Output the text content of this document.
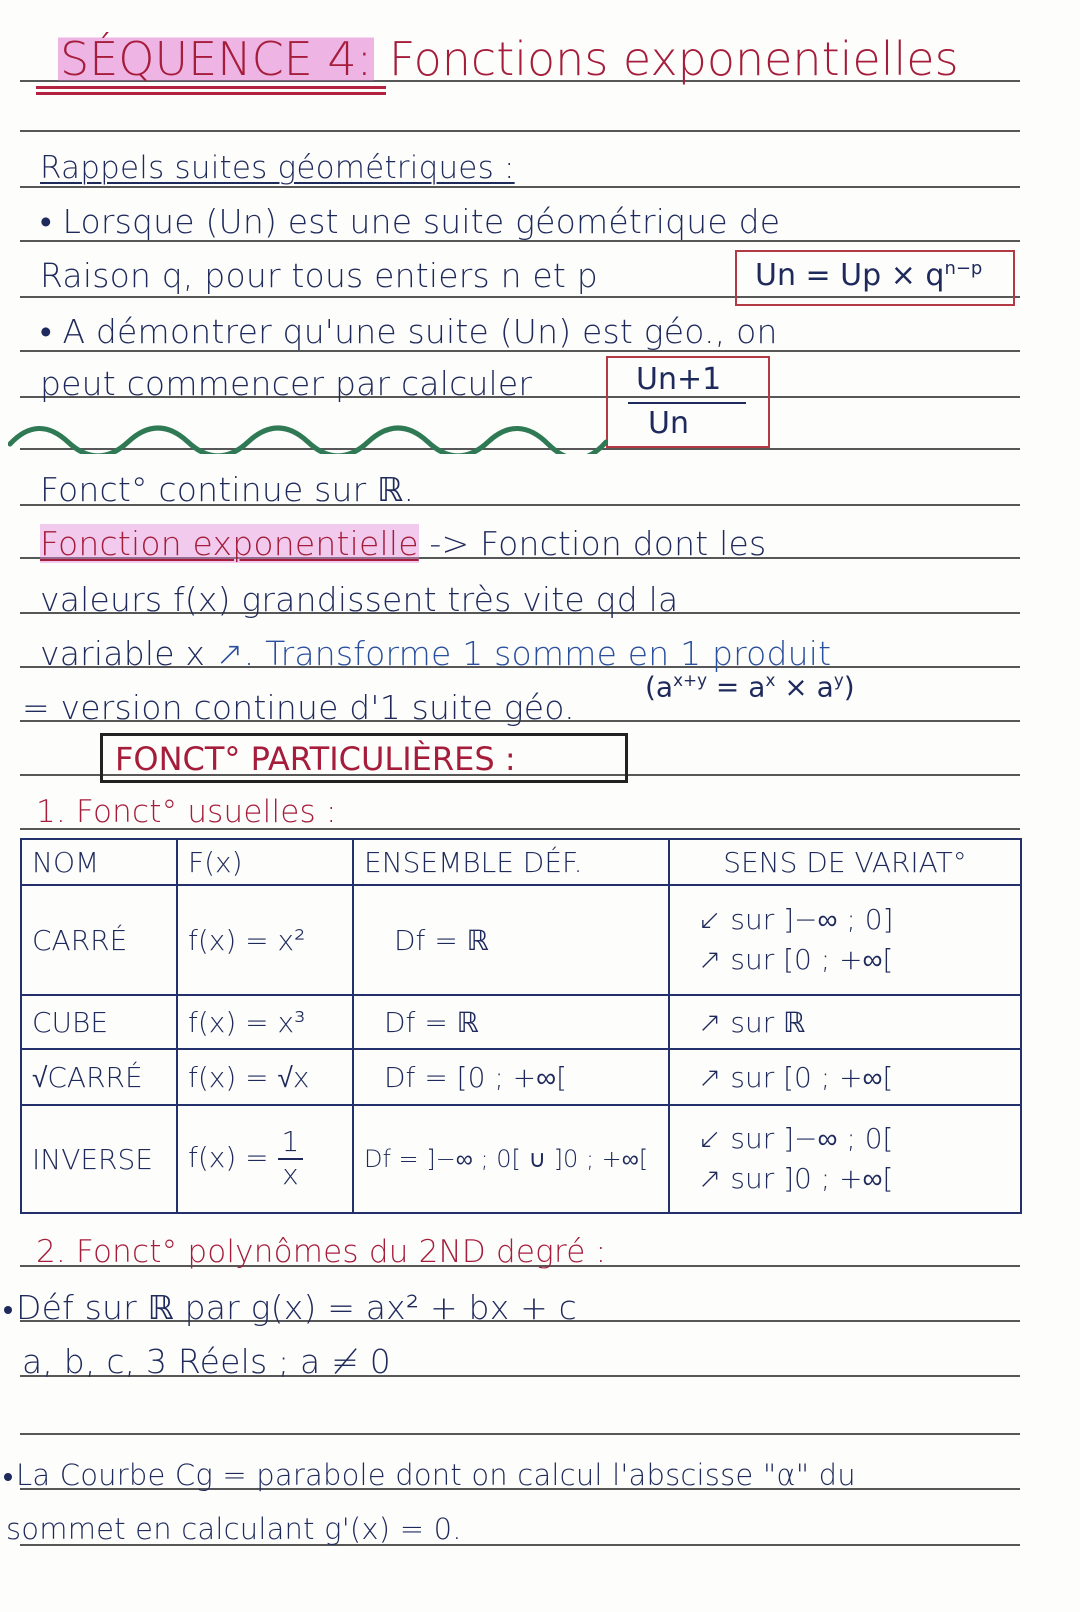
SÉQUENCE 4: Fonctions exponentielles
Rappels suites géométriques :
• Lorsque (Un) est une suite géométrique de
Raison q, pour tous entiers n et p	$Un = Up \times q^{n-p}$
• A démontrer qu'une suite (Un) est géo., on
peut commencer par calculer	Un+1
Un
Fonct° continue sur ℝ.
Fonction exponentielle -> Fonction dont les
valeurs f(x) grandissent très vite qd la
variable x ↗. Transforme 1 somme en 1 produit
= version continue d'1 suite géo.
$(a^{x+y} = a^x \times a^y)$
FONCT° PARTICULIÈRES :
1. Fonct° usuelles :
NOM	F(x)	ENSEMBLE DÉF.	SENS DE VARIAT°
CARRÉ	f(x) = x²	Df = ℝ	↙ sur ]−∞ ; 0]
↗ sur [0 ; +∞[

CUBE	f(x) = x³	Df = ℝ	↗ sur ℝ
√CARRÉ	f(x) = √x	Df = [0 ; +∞[	↗ sur [0 ; +∞[
INVERSE	$f(x) = \frac{1}{x}$	Df = ]−∞ ; 0[ ∪ ]0 ; +∞[	
↙ sur ]−∞ ; 0[
↗ sur ]0 ; +∞[
2. Fonct° polynômes du 2ND degré :
Déf sur ℝ par g(x) = ax² + bx + c
a, b, c, 3 Réels ; a ≠ 0
La Courbe Cg = parabole dont on calcul l'abscisse "α" du
sommet en calculant g'(x) = 0.
